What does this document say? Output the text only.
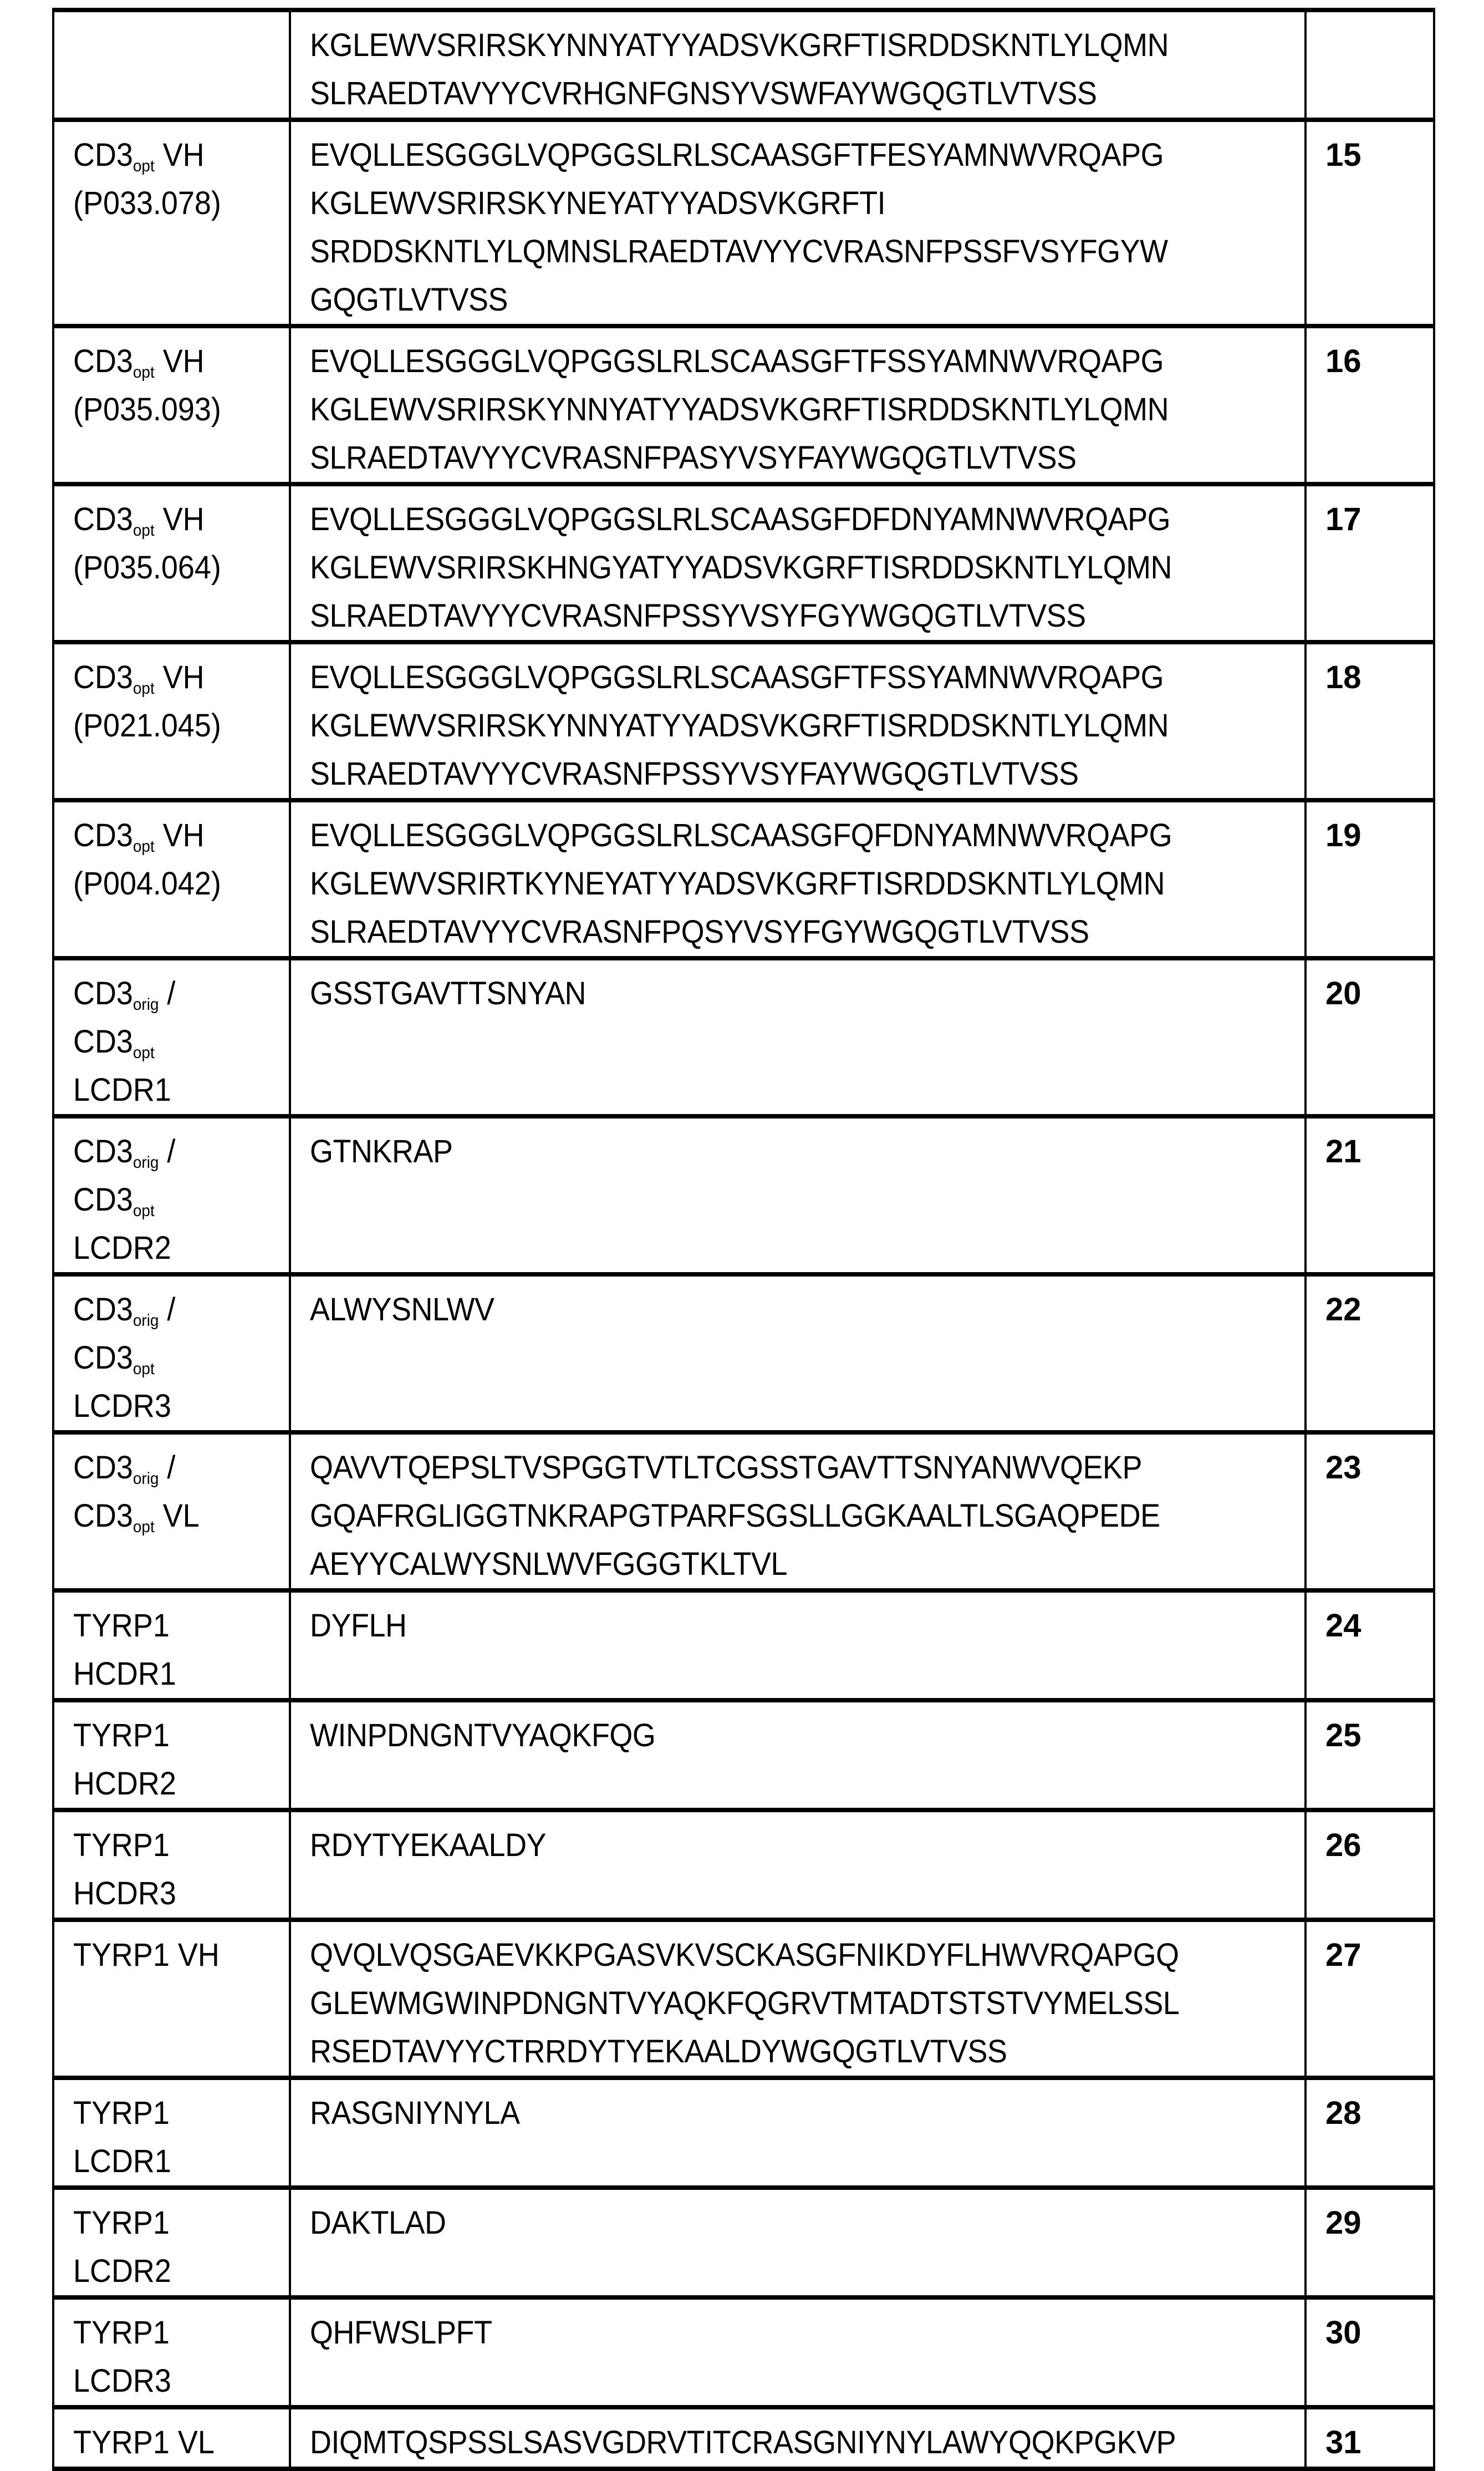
	KGLEWVSRIRSKYNNYATYYADSVKGRFTISRDDSKNTLYLQMN
SLRAEDTAVYYCVRHGNFGNSYVSWFAYWGQGTLVTVSS	

$CD3_{opt}$ VH
(P033.078)	EVQLLESGGGLVQPGGSLRLSCAASGFTFESYAMNWVRQAPG
KGLEWVSRIRSKYNEYATYYADSVKGRFTI
SRDDSKNTLYLQMNSLRAEDTAVYYCVRASNFPSSFVSYFGYW
GQGTLVTVSS	15

$CD3_{opt}$ VH
(P035.093)	EVQLLESGGGLVQPGGSLRLSCAASGFTFSSYAMNWVRQAPG
KGLEWVSRIRSKYNNYATYYADSVKGRFTISRDDSKNTLYLQMN
SLRAEDTAVYYCVRASNFPASYVSYFAYWGQGTLVTVSS	16

$CD3_{opt}$ VH
(P035.064)	EVQLLESGGGLVQPGGSLRLSCAASGFDFDNYAMNWVRQAPG
KGLEWVSRIRSKHNGYATYYADSVKGRFTISRDDSKNTLYLQMN
SLRAEDTAVYYCVRASNFPSSYVSYFGYWGQGTLVTVSS	17

$CD3_{opt}$ VH
(P021.045)	EVQLLESGGGLVQPGGSLRLSCAASGFTFSSYAMNWVRQAPG
KGLEWVSRIRSKYNNYATYYADSVKGRFTISRDDSKNTLYLQMN
SLRAEDTAVYYCVRASNFPSSYVSYFAYWGQGTLVTVSS	18

$CD3_{opt}$ VH
(P004.042)	EVQLLESGGGLVQPGGSLRLSCAASGFQFDNYAMNWVRQAPG
KGLEWVSRIRTKYNEYATYYADSVKGRFTISRDDSKNTLYLQMN
SLRAEDTAVYYCVRASNFPQSYVSYFGYWGQGTLVTVSS	19

$CD3_{orig}$ /
$CD3_{opt}$
LCDR1	GSSTGAVTTSNYAN	20

$CD3_{orig}$ /
$CD3_{opt}$
LCDR2	GTNKRAP	21

$CD3_{orig}$ /
$CD3_{opt}$
LCDR3	ALWYSNLWV	22

$CD3_{orig}$ /
$CD3_{opt}$ VL	QAVVTQEPSLTVSPGGTVTLTCGSSTGAVTTSNYANWVQEKP
GQAFRGLIGGTNKRAPGTPARFSGSLLGGKAALTLSGAQPEDE
AEYYCALWYSNLWVFGGGTKLTVL	23

TYRP1
HCDR1	DYFLH	24

TYRP1
HCDR2	WINPDNGNTVYAQKFQG	25

TYRP1
HCDR3	RDYTYEKAALDY	26

TYRP1 VH	QVQLVQSGAEVKKPGASVKVSCKASGFNIKDYFLHWVRQAPGQ
GLEWMGWINPDNGNTVYAQKFQGRVTMTADTSTSTVYMELSSL
RSEDTAVYYCTRRDYTYEKAALDYWGQGTLVTVSS	27

TYRP1
LCDR1	RASGNIYNYLA	28

TYRP1
LCDR2	DAKTLAD	29

TYRP1
LCDR3	QHFWSLPFT	30

TYRP1 VL	DIQMTQSPSSLSASVGDRVTITCRASGNIYNYLAWYQQKPGKVP	31
